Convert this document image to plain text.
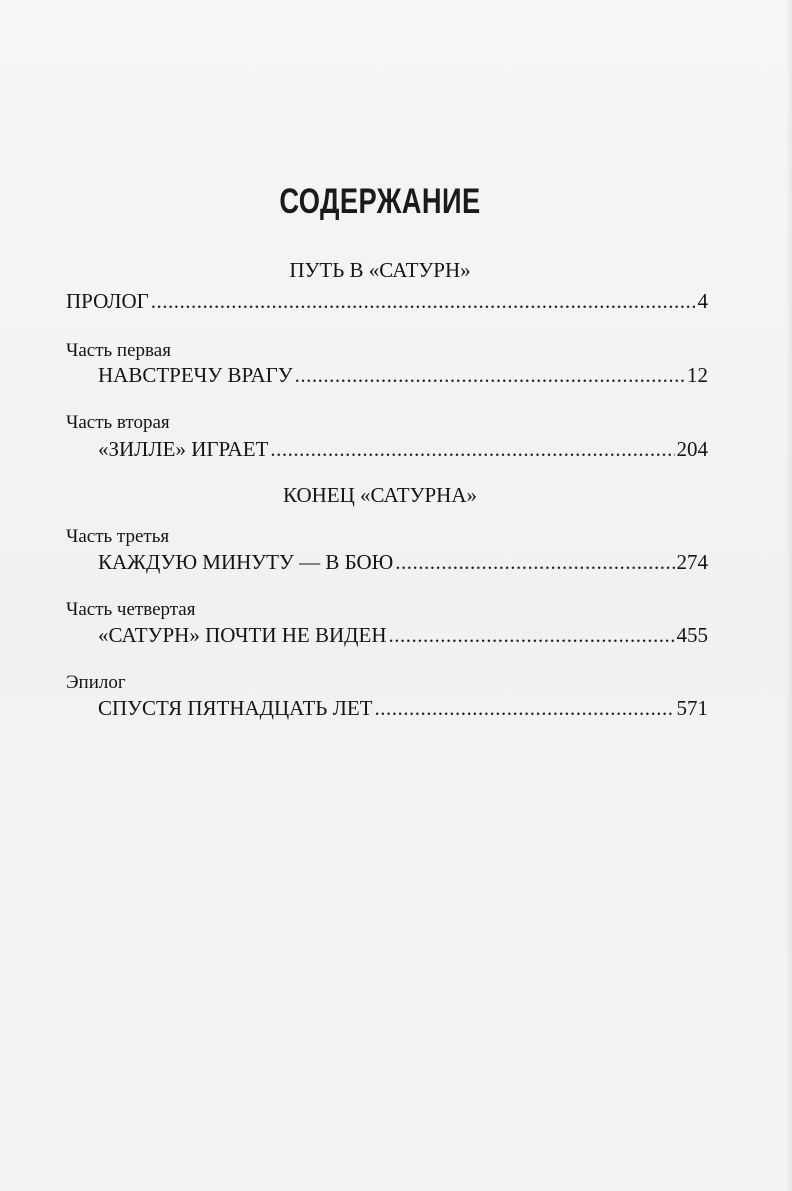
СОДЕРЖАНИЕ
ПУТЬ В «САТУРН»
ПРОЛОГ .....	4
Часть первая
НАВСТРЕЧУ ВРАГУ .....	12
Часть вторая
«ЗИЛЛЕ» ИГРАЕТ .....	204
КОНЕЦ «САТУРНА»
Часть третья
КАЖДУЮ МИНУТУ — В БОЮ .....	274
Часть четвертая
«САТУРН» ПОЧТИ НЕ ВИДЕН .....	455
Эпилог
СПУСТЯ ПЯТНАДЦАТЬ ЛЕТ .....	571
